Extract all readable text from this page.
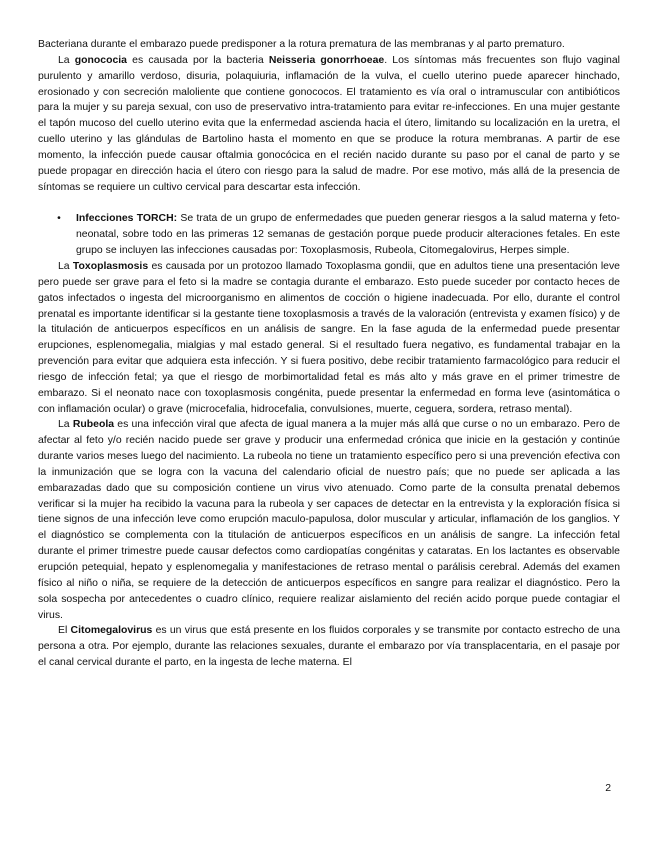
Bacteriana durante el embarazo puede predisponer a la rotura prematura de las membranas y al parto prematuro.

La gonococia es causada por la bacteria Neisseria gonorrhoeae. Los síntomas más frecuentes son flujo vaginal purulento y amarillo verdoso, disuria, polaquiuria, inflamación de la vulva, el cuello uterino puede aparecer hinchado, erosionado y con secreción maloliente que contiene gonococos. El tratamiento es vía oral o intramuscular con antibióticos para la mujer y su pareja sexual, con uso de preservativo intra-tratamiento para evitar re-infecciones. En una mujer gestante el tapón mucoso del cuello uterino evita que la enfermedad ascienda hacia el útero, limitando su localización en la uretra, el cuello uterino y las glándulas de Bartolino hasta el momento en que se produce la rotura membranas. A partir de ese momento, la infección puede causar oftalmia gonocócica en el recién nacido durante su paso por el canal de parto y se puede propagar en dirección hacia el útero con riesgo para la salud de madre. Por ese motivo, más allá de la presencia de síntomas se requiere un cultivo cervical para descartar esta infección.

•	Infecciones TORCH: Se trata de un grupo de enfermedades que pueden generar riesgos a la salud materna y feto-neonatal, sobre todo en las primeras 12 semanas de gestación porque puede producir alteraciones fetales. En este grupo se incluyen las infecciones causadas por: Toxoplasmosis, Rubeola, Citomegalovirus, Herpes simple.

La Toxoplasmosis es causada por un protozoo llamado Toxoplasma gondii, que en adultos tiene una presentación leve pero puede ser grave para el feto si la madre se contagia durante el embarazo. Esto puede suceder por contacto heces de gatos infectados o ingesta del microorganismo en alimentos de cocción o higiene inadecuada. Por ello, durante el control prenatal es importante identificar si la gestante tiene toxoplasmosis a través de la valoración (entrevista y examen físico) y de la titulación de anticuerpos específicos en un análisis de sangre. En la fase aguda de la enfermedad puede presentar erupciones, esplenomegalia, mialgias y mal estado general. Si el resultado fuera negativo, es fundamental trabajar en la prevención para evitar que adquiera esta infección. Y si fuera positivo, debe recibir tratamiento farmacológico para reducir el riesgo de infección fetal; ya que el riesgo de morbimortalidad fetal es más alto y más grave en el primer trimestre de embarazo. Si el neonato nace con toxoplasmosis congénita, puede presentar la enfermedad en forma leve (asintomática o con inflamación ocular) o grave (microcefalia, hidrocefalia, convulsiones, muerte, ceguera, sordera, retraso mental).

La Rubeola es una infección viral que afecta de igual manera a la mujer más allá que curse o no un embarazo. Pero de afectar al feto y/o recién nacido puede ser grave y producir una enfermedad crónica que inicie en la gestación y continúe durante varios meses luego del nacimiento. La rubeola no tiene un tratamiento específico pero si una prevención efectiva con la inmunización que se logra con la vacuna del calendario oficial de nuestro país; que no puede ser aplicada a las embarazadas dado que su composición contiene un virus vivo atenuado. Como parte de la consulta prenatal debemos verificar si la mujer ha recibido la vacuna para la rubeola y ser capaces de detectar en la entrevista y la exploración física si tiene signos de una infección leve como erupción maculo-papulosa, dolor muscular y articular, inflamación de los ganglios. Y el diagnóstico se complementa con la titulación de anticuerpos específicos en un análisis de sangre. La infección fetal durante el primer trimestre puede causar defectos como cardiopatías congénitas y cataratas. En los lactantes es observable erupción petequial, hepato y esplenomegalia y manifestaciones de retraso mental o parálisis cerebral. Además del examen físico al niño o niña, se requiere de la detección de anticuerpos específicos en sangre para realizar el diagnóstico. Pero la sola sospecha por antecedentes o cuadro clínico, requiere realizar aislamiento del recién acido porque puede contagiar el virus.

El Citomegalovirus es un virus que está presente en los fluidos corporales y se transmite por contacto estrecho de una persona a otra. Por ejemplo, durante las relaciones sexuales, durante el embarazo por vía transplacentaria, en el pasaje por el canal cervical durante el parto, en la ingesta de leche materna. El

2
